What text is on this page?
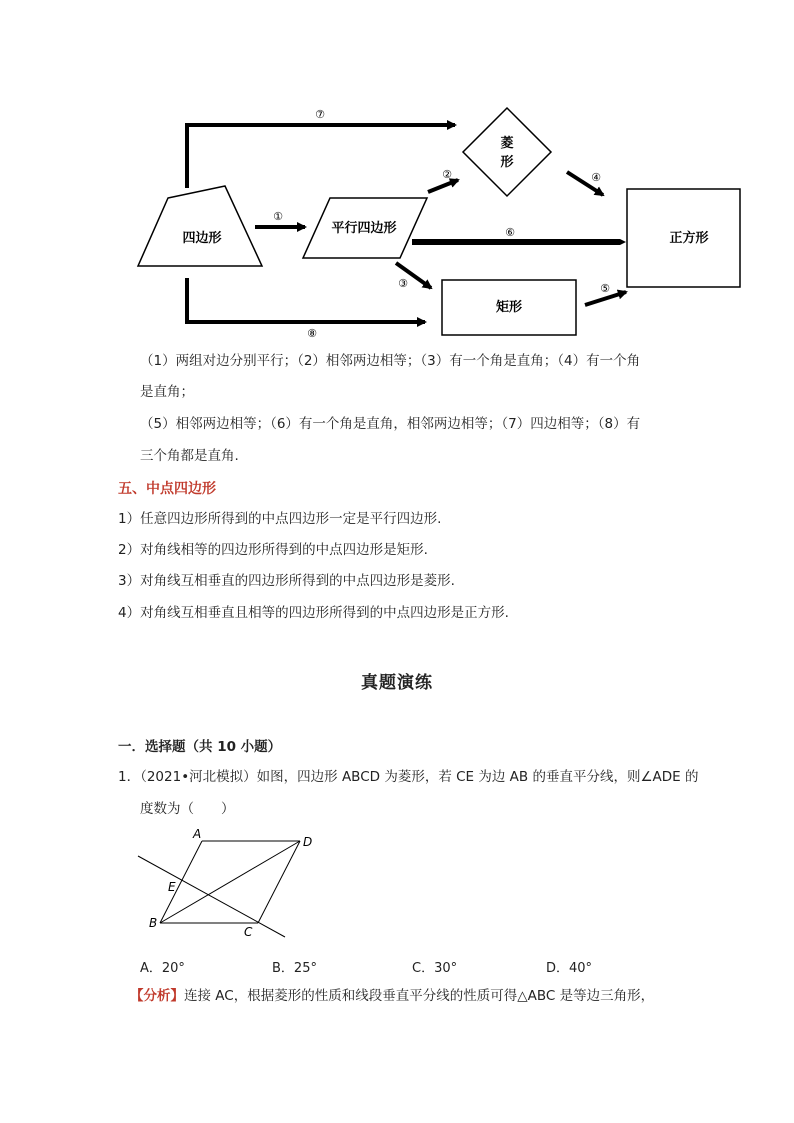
⑦
⑧
四边形
①
平行四边形
②
菱
形
④
⑥	正方形
③
矩形
⑤
（1）两组对边分别平行；（2）相邻两边相等；（3）有一个角是直角；（4）有一个角
是直角；
（5）相邻两边相等；（6）有一个角是直角，相邻两边相等；（7）四边相等；（8）有
三个角都是直角.
五、中点四边形
1）任意四边形所得到的中点四边形一定是平行四边形.
2）对角线相等的四边形所得到的中点四边形是矩形.
3）对角线互相垂直的四边形所得到的中点四边形是菱形.
4）对角线互相垂直且相等的四边形所得到的中点四边形是正方形.
真题演练
一．选择题（共 10 小题）
1．（2021•河北模拟）如图，四边形 ABCD 为菱形，若 CE 为边 AB 的垂直平分线，则∠ADE 的
度数为（　　）
A
D
E
B
C
A．20°	B．25°	C．30°	D．40°
【分析】连接 AC，根据菱形的性质和线段垂直平分线的性质可得△ABC 是等边三角形，
